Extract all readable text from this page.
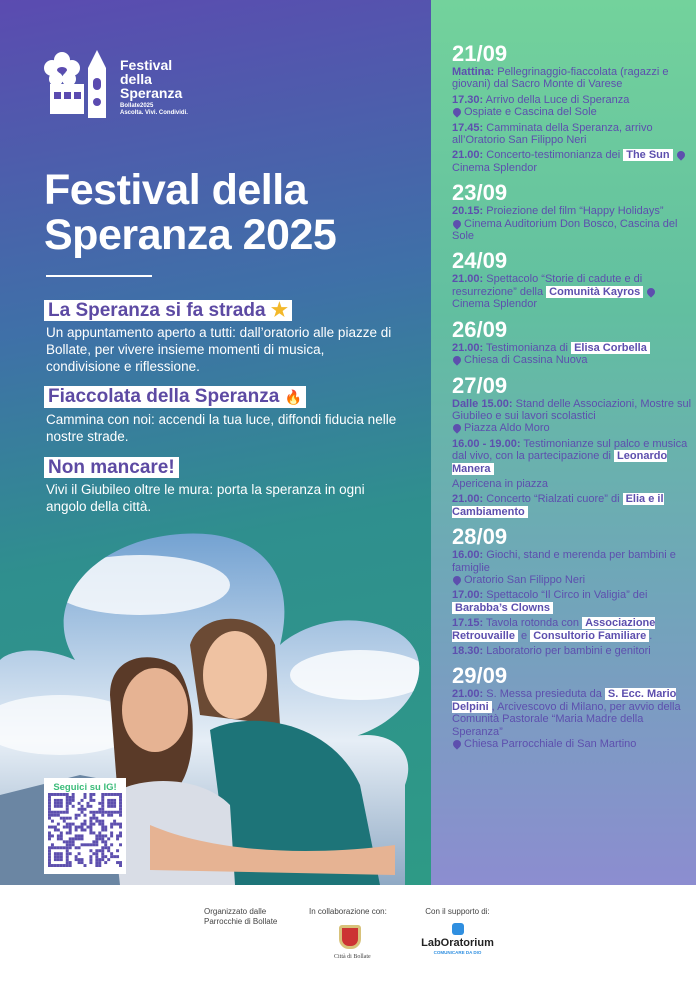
Festival
della
Speranza
Bollate2025
Ascolta. Vivi. Condividi.
Festival della
Speranza 2025
La Speranza si fa strada ★

Un appuntamento aperto a tutti: dall’oratorio alle piazze di Bollate, per vivere insieme momenti di musica, condivisione e riflessione.

Fiaccolata della Speranza 🔥

Cammina con noi: accendi la tua luce, diffondi fiducia nelle nostre strade.

Non mancare!

Vivi il Giubileo oltre le mura: porta la speranza in ogni angolo della città.

Seguici su IG!
21/09
Mattina: Pellegrinaggio-fiaccolata (ragazzi e giovani) dal Sacro Monte di Varese
17.30: Arrivo della Luce di Speranza
Ospiate e Cascina del Sole
17.45: Camminata della Speranza, arrivo all’Oratorio San Filippo Neri
21.00: Concerto-testimonianza dei The Sun Cinema Splendor
23/09
20.15: Proiezione del film “Happy Holidays”
Cinema Auditorium Don Bosco, Cascina del Sole
24/09
21.00: Spettacolo “Storie di cadute e di resurrezione” della Comunità Kayros Cinema Splendor
26/09
21.00: Testimonianza di Elisa Corbella
Chiesa di Cassina Nuova
27/09
Dalle 15.00: Stand delle Associazioni, Mostre sul Giubileo e sui lavori scolastici
Piazza Aldo Moro
16.00 - 19.00: Testimonianze sul palco e musica dal vivo, con la partecipazione di Leonardo Manera
Apericena in piazza
21.00: Concerto “Rialzati cuore” di Elia e il Cambiamento
28/09
16.00: Giochi, stand e merenda per bambini e famiglie
Oratorio San Filippo Neri
17.00: Spettacolo “Il Circo in Valigia” dei Barabba’s Clowns
17.15: Tavola rotonda con Associazione Retrouvaille e Consultorio Familiare .
18.30: Laboratorio per bambini e genitori
29/09
21.00: S. Messa presieduta da S. Ecc. Mario Delpini , Arcivescovo di Milano, per avvio della Comunità Pastorale “Maria Madre della Speranza”
Chiesa Parrocchiale di San Martino
Organizzato dalle Parrocchie di Bollate
In collaborazione con:
Città di Bollate
Con il supporto di:
LabOratorium
COMUNICARE DA DIO
